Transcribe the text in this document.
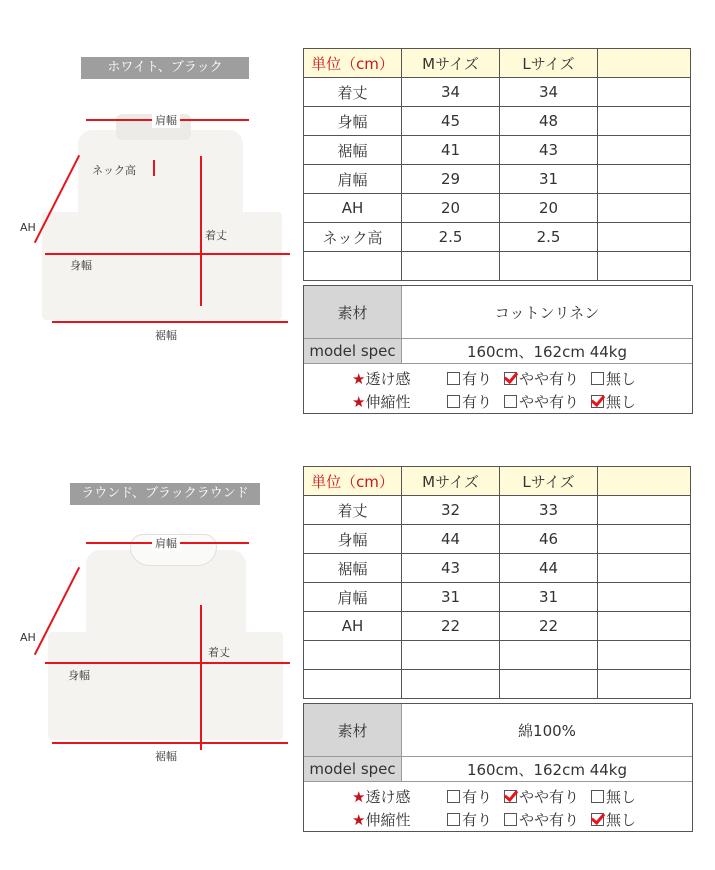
ホワイト、ブラック
肩幅
ネック高
着丈
AH
身幅
裾幅
単位（cm）	Mサイズ	Lサイズ	
着丈	34	34	
身幅	45	48	
裾幅	41	43	
肩幅	29	31	
AH	20	20	
ネック高	2.5	2.5	

素材	コットンリネン
model spec	160cm、162cm 44kg
★透け感	有り	やや有り	無し
★伸縮性	有り	やや有り	無し
ラウンド、ブラックラウンド
肩幅
着丈
AH
身幅
裾幅
単位（cm）	Mサイズ	Lサイズ	
着丈	32	33	
身幅	44	46	
裾幅	43	44	
肩幅	31	31	
AH	22	22	

素材	綿100%
model spec	160cm、162cm 44kg
★透け感	有り	やや有り	無し
★伸縮性	有り	やや有り	無し
